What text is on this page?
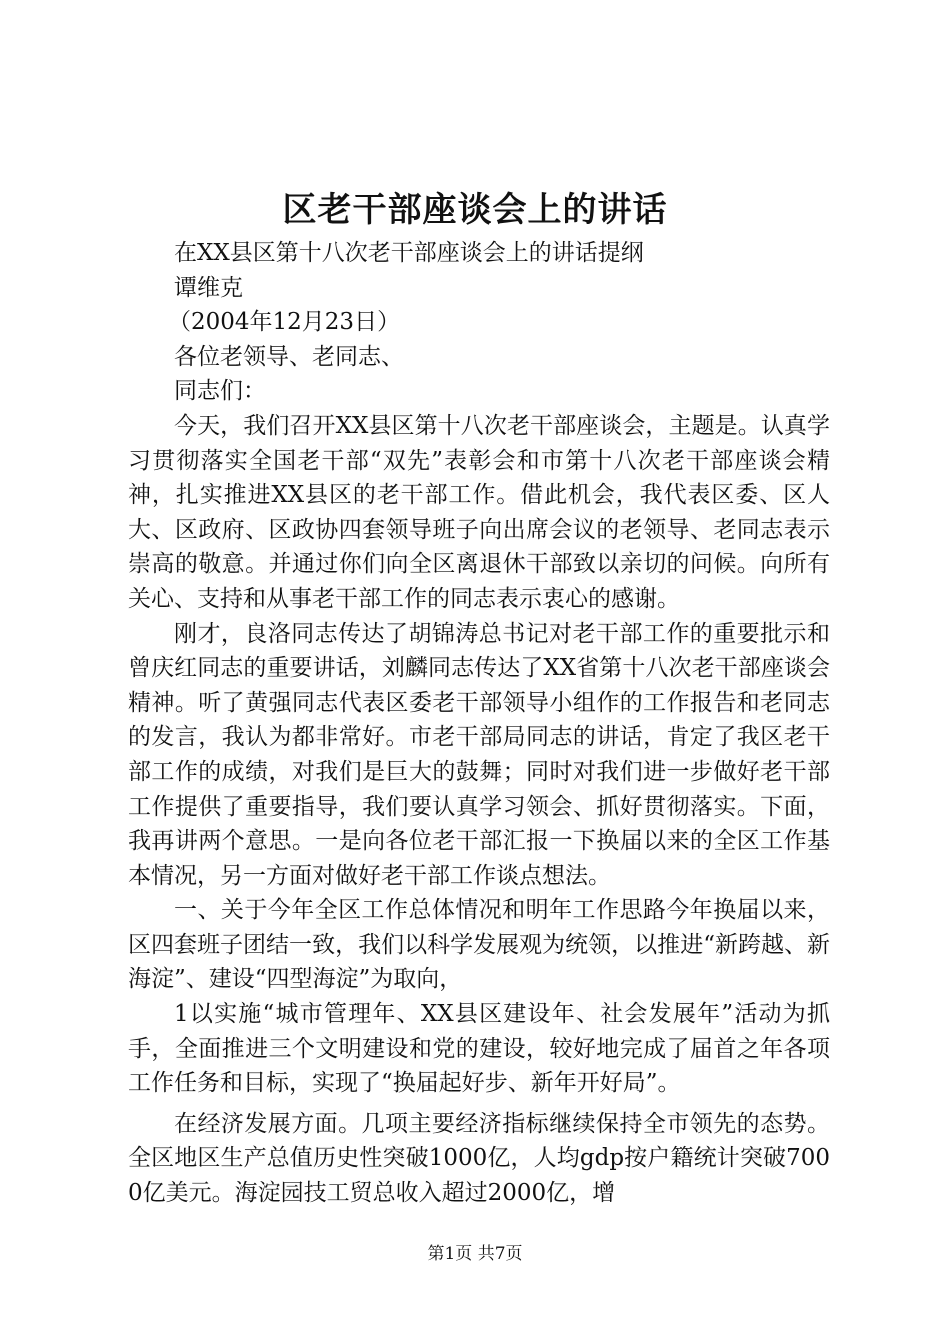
区老干部座谈会上的讲话

在XX县区第十八次老干部座谈会上的讲话提纲

谭维克

（2004年12月23日）

各位老领导、老同志、

同志们：

今天，我们召开XX县区第十八次老干部座谈会，主题是。认真学习贯彻落实全国老干部“双先”表彰会和市第十八次老干部座谈会精神，扎实推进XX县区的老干部工作。借此机会，我代表区委、区人大、区政府、区政协四套领导班子向出席会议的老领导、老同志表示崇高的敬意。并通过你们向全区离退休干部致以亲切的问候。向所有关心、支持和从事老干部工作的同志表示衷心的感谢。

刚才，良洛同志传达了胡锦涛总书记对老干部工作的重要批示和曾庆红同志的重要讲话，刘麟同志传达了XX省第十八次老干部座谈会精神。听了黄强同志代表区委老干部领导小组作的工作报告和老同志的发言，我认为都非常好。市老干部局同志的讲话，肯定了我区老干部工作的成绩，对我们是巨大的鼓舞；同时对我们进一步做好老干部工作提供了重要指导，我们要认真学习领会、抓好贯彻落实。下面，我再讲两个意思。一是向各位老干部汇报一下换届以来的全区工作基本情况，另一方面对做好老干部工作谈点想法。

一、关于今年全区工作总体情况和明年工作思路今年换届以来，区四套班子团结一致，我们以科学发展观为统领，以推进“新跨越、新海淀”、建设“四型海淀”为取向，

1以实施“城市管理年、XX县区建设年、社会发展年”活动为抓手，全面推进三个文明建设和党的建设，较好地完成了届首之年各项工作任务和目标，实现了“换届起好步、新年开好局”。

在经济发展方面。几项主要经济指标继续保持全市领先的态势。全区地区生产总值历史性突破1000亿，人均gdp按户籍统计突破7000亿美元。海淀园技工贸总收入超过2000亿，增

第1页 共7页
